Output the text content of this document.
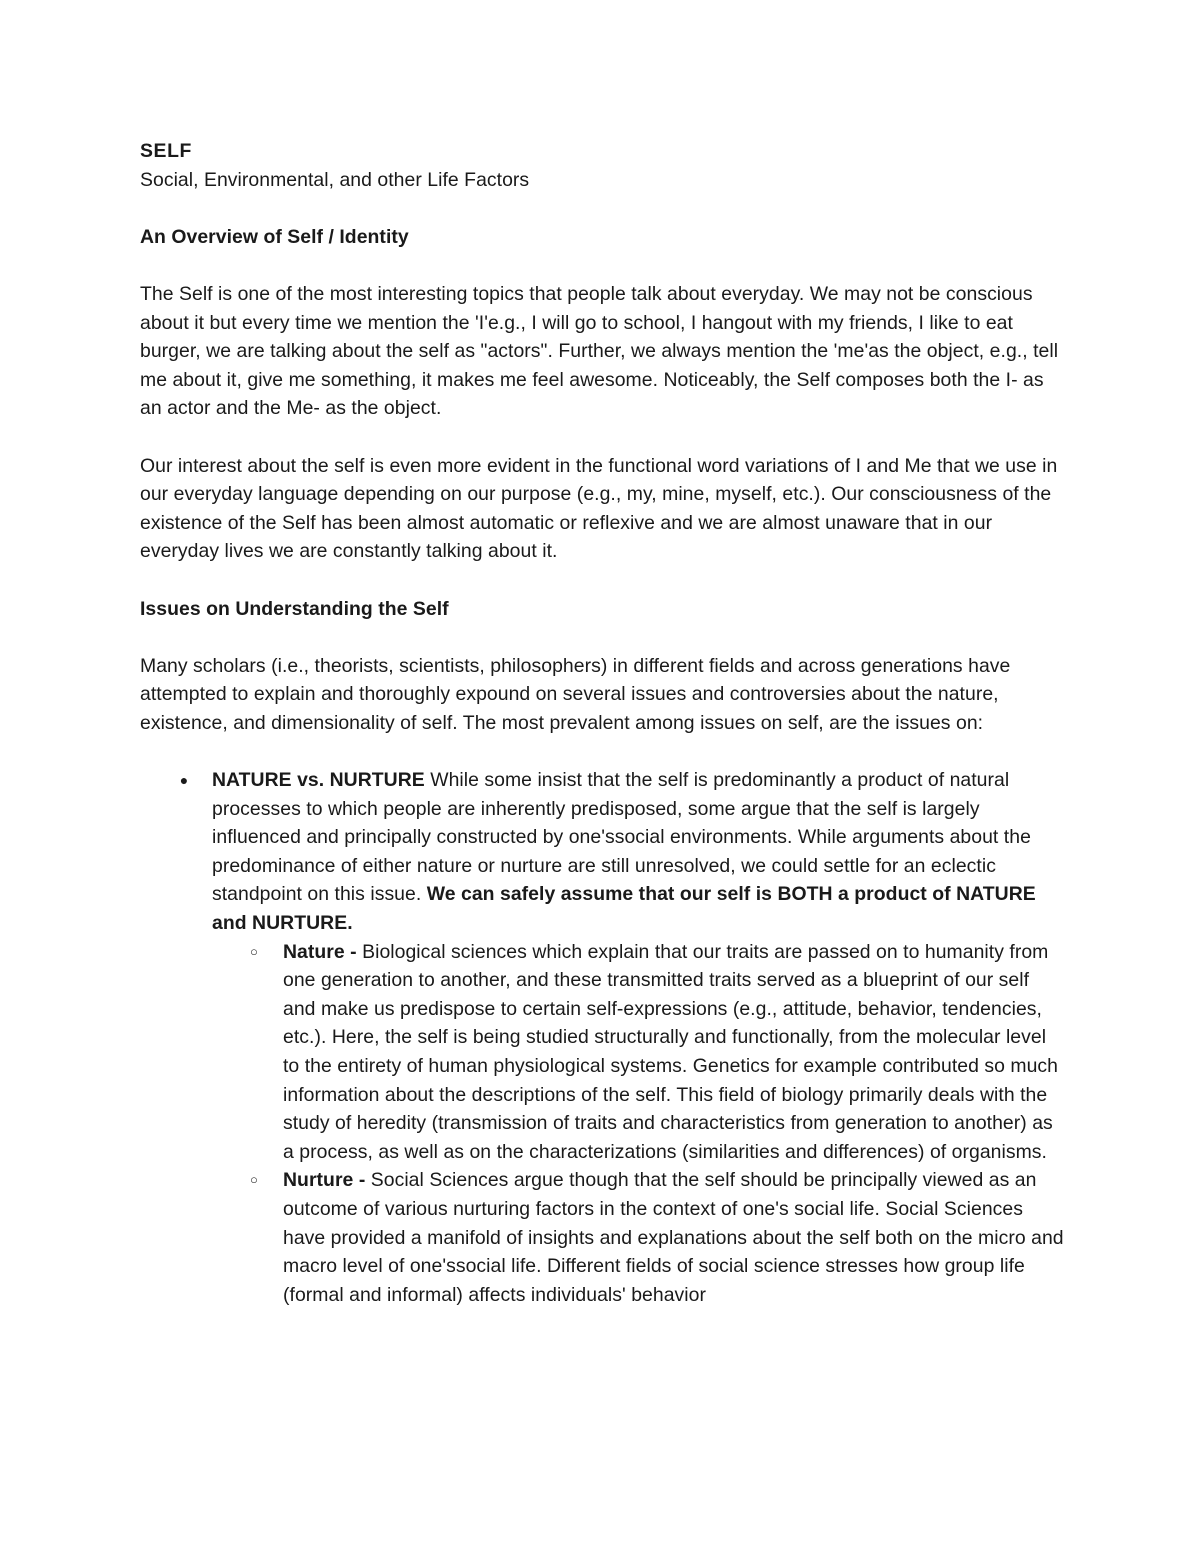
SELF
Social, Environmental, and other Life Factors
An Overview of Self / Identity

The Self is one of the most interesting topics that people talk about everyday. We may not be conscious about it but every time we mention the 'I'e.g., I will go to school, I hangout with my friends, I like to eat burger, we are talking about the self as "actors". Further, we always mention the 'me'as the object, e.g., tell me about it, give me something, it makes me feel awesome. Noticeably, the Self composes both the I- as an actor and the Me- as the object.

Our interest about the self is even more evident in the functional word variations of I and Me that we use in our everyday language depending on our purpose (e.g., my, mine, myself, etc.). Our consciousness of the existence of the Self has been almost automatic or reflexive and we are almost unaware that in our everyday lives we are constantly talking about it.

Issues on Understanding the Self

Many scholars (i.e., theorists, scientists, philosophers) in different fields and across generations have attempted to explain and thoroughly expound on several issues and controversies about the nature, existence, and dimensionality of self. The most prevalent among issues on self, are the issues on:

● NATURE vs. NURTURE While some insist that the self is predominantly a product of natural processes to which people are inherently predisposed, some argue that the self is largely influenced and principally constructed by one'ssocial environments. While arguments about the predominance of either nature or nurture are still unresolved, we could settle for an eclectic standpoint on this issue. We can safely assume that our self is BOTH a product of NATURE and NURTURE.
○ Nature - Biological sciences which explain that our traits are passed on to humanity from one generation to another, and these transmitted traits served as a blueprint of our self and make us predispose to certain self-expressions (e.g., attitude, behavior, tendencies, etc.). Here, the self is being studied structurally and functionally, from the molecular level to the entirety of human physiological systems. Genetics for example contributed so much information about the descriptions of the self. This field of biology primarily deals with the study of heredity (transmission of traits and characteristics from generation to another) as a process, as well as on the characterizations (similarities and differences) of organisms.
○ Nurture - Social Sciences argue though that the self should be principally viewed as an outcome of various nurturing factors in the context of one's social life. Social Sciences have provided a manifold of insights and explanations about the self both on the micro and macro level of one'ssocial life. Different fields of social science stresses how group life (formal and informal) affects individuals' behavior
